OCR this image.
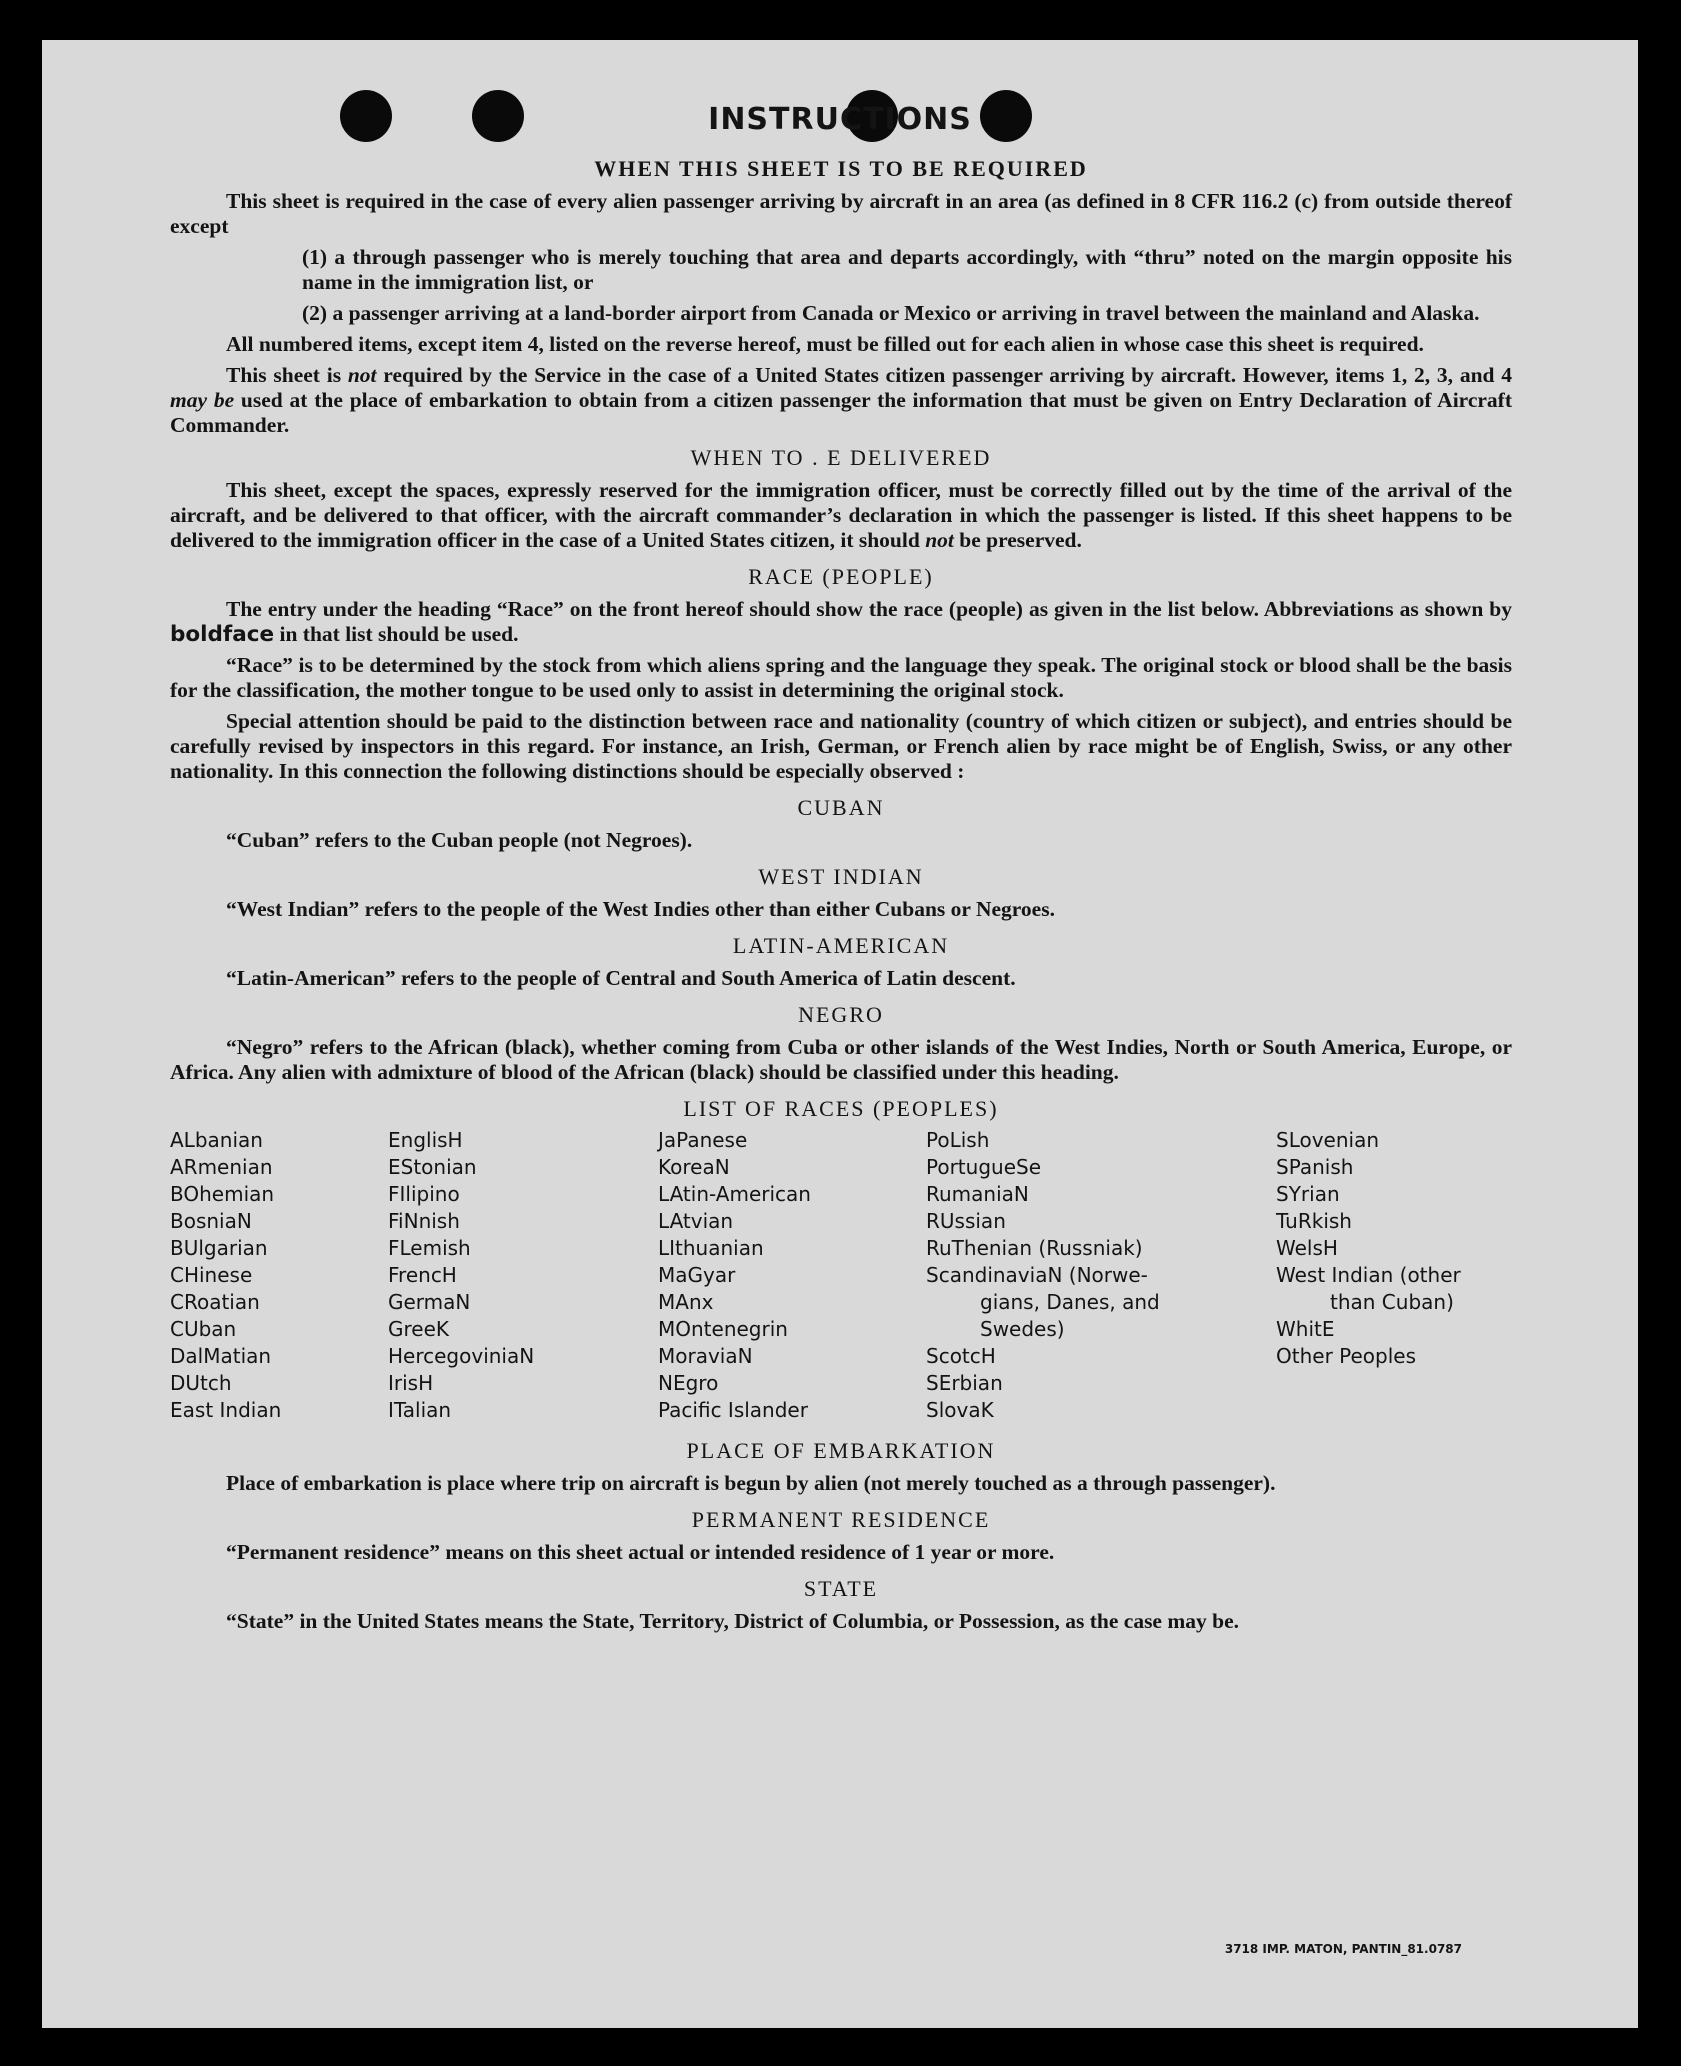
INSTRUCTIONS
WHEN THIS SHEET IS TO BE REQUIRED

This sheet is required in the case of every alien passenger arriving by aircraft in an area (as defined in 8 CFR 116.2 (c) from outside thereof except

(1) a through passenger who is merely touching that area and departs accordingly, with “thru” noted on the margin opposite his name in the immigration list, or

(2) a passenger arriving at a land-border airport from Canada or Mexico or arriving in travel between the mainland and Alaska.

All numbered items, except item 4, listed on the reverse hereof, must be filled out for each alien in whose case this sheet is required.

This sheet is not required by the Service in the case of a United States citizen passenger arriving by aircraft. However, items 1, 2, 3, and 4 may be used at the place of embarkation to obtain from a citizen passenger the information that must be given on Entry Declaration of Aircraft Commander.

WHEN TO . E DELIVERED

This sheet, except the spaces, expressly reserved for the immigration officer, must be correctly filled out by the time of the arrival of the aircraft, and be delivered to that officer, with the aircraft commander’s declaration in which the passenger is listed. If this sheet happens to be delivered to the immigration officer in the case of a United States citizen, it should not be preserved.

RACE (PEOPLE)

The entry under the heading “Race” on the front hereof should show the race (people) as given in the list below. Abbreviations as shown by boldface in that list should be used.

“Race” is to be determined by the stock from which aliens spring and the language they speak. The original stock or blood shall be the basis for the classification, the mother tongue to be used only to assist in determining the original stock.

Special attention should be paid to the distinction between race and nationality (country of which citizen or subject), and entries should be carefully revised by inspectors in this regard. For instance, an Irish, German, or French alien by race might be of English, Swiss, or any other nationality. In this connection the following distinctions should be especially observed :

CUBAN

“Cuban” refers to the Cuban people (not Negroes).

WEST INDIAN

“West Indian” refers to the people of the West Indies other than either Cubans or Negroes.

LATIN-AMERICAN

“Latin-American” refers to the people of Central and South America of Latin descent.

NEGRO

“Negro” refers to the African (black), whether coming from Cuba or other islands of the West Indies, North or South America, Europe, or Africa. Any alien with admixture of blood of the African (black) should be classified under this heading.

LIST OF RACES (PEOPLES)
ALbanian
ARmenian
BOhemian
BosniaN
BUlgarian
CHinese
CRoatian
CUban
DalMatian
DUtch
East Indian
EnglisH
EStonian
FIlipino
FiNnish
FLemish
FrencH
GermaN
GreeK
HercegoviniaN
IrisH
ITalian
JaPanese
KoreaN
LAtin-American
LAtvian
LIthuanian
MaGyar
MAnx
MOntenegrin
MoraviaN
NEgro
Pacific Islander
PoLish
PortugueSe
RumaniaN
RUssian
RuThenian (Russniak)
ScandinaviaN (Norwe-
gians, Danes, and
Swedes)
ScotcH
SErbian
SlovaK
SLovenian
SPanish
SYrian
TuRkish
WelsH
West Indian (other
than Cuban)
WhitE
Other Peoples
PLACE OF EMBARKATION

Place of embarkation is place where trip on aircraft is begun by alien (not merely touched as a through passenger).

PERMANENT RESIDENCE

“Permanent residence” means on this sheet actual or intended residence of 1 year or more.

STATE

“State” in the United States means the State, Territory, District of Columbia, or Possession, as the case may be.

3718 IMP. MATON, PANTIN_81.0787
